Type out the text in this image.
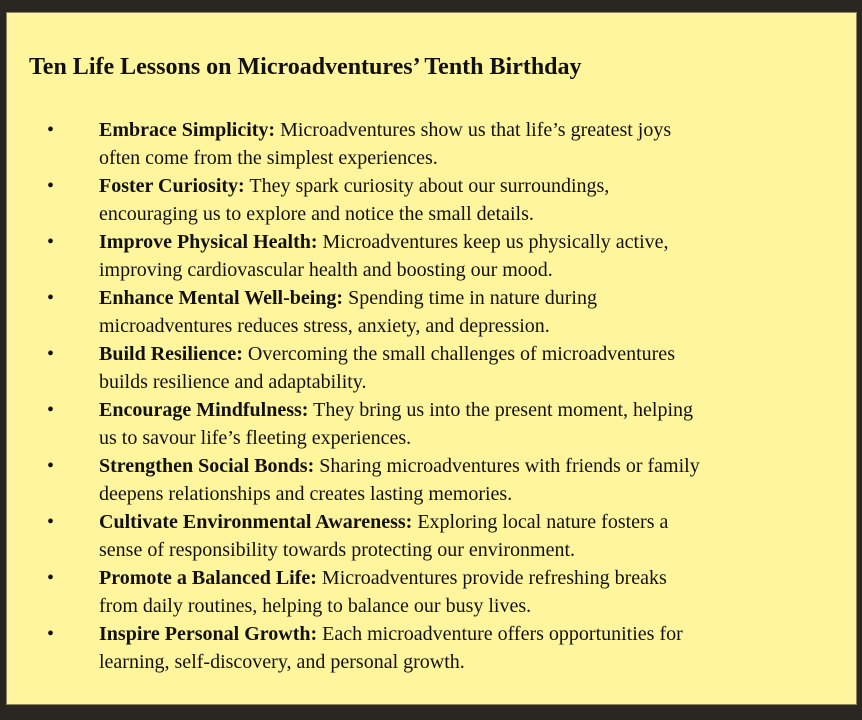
Ten Life Lessons on Microadventures’ Tenth Birthday
• Embrace Simplicity: Microadventures show us that life’s greatest joys
often come from the simplest experiences.
• Foster Curiosity: They spark curiosity about our surroundings,
encouraging us to explore and notice the small details.
• Improve Physical Health: Microadventures keep us physically active,
improving cardiovascular health and boosting our mood.
• Enhance Mental Well-being: Spending time in nature during
microadventures reduces stress, anxiety, and depression.
• Build Resilience: Overcoming the small challenges of microadventures
builds resilience and adaptability.
• Encourage Mindfulness: They bring us into the present moment, helping
us to savour life’s fleeting experiences.
• Strengthen Social Bonds: Sharing microadventures with friends or family
deepens relationships and creates lasting memories.
• Cultivate Environmental Awareness: Exploring local nature fosters a
sense of responsibility towards protecting our environment.
• Promote a Balanced Life: Microadventures provide refreshing breaks
from daily routines, helping to balance our busy lives.
• Inspire Personal Growth: Each microadventure offers opportunities for
learning, self-discovery, and personal growth.
